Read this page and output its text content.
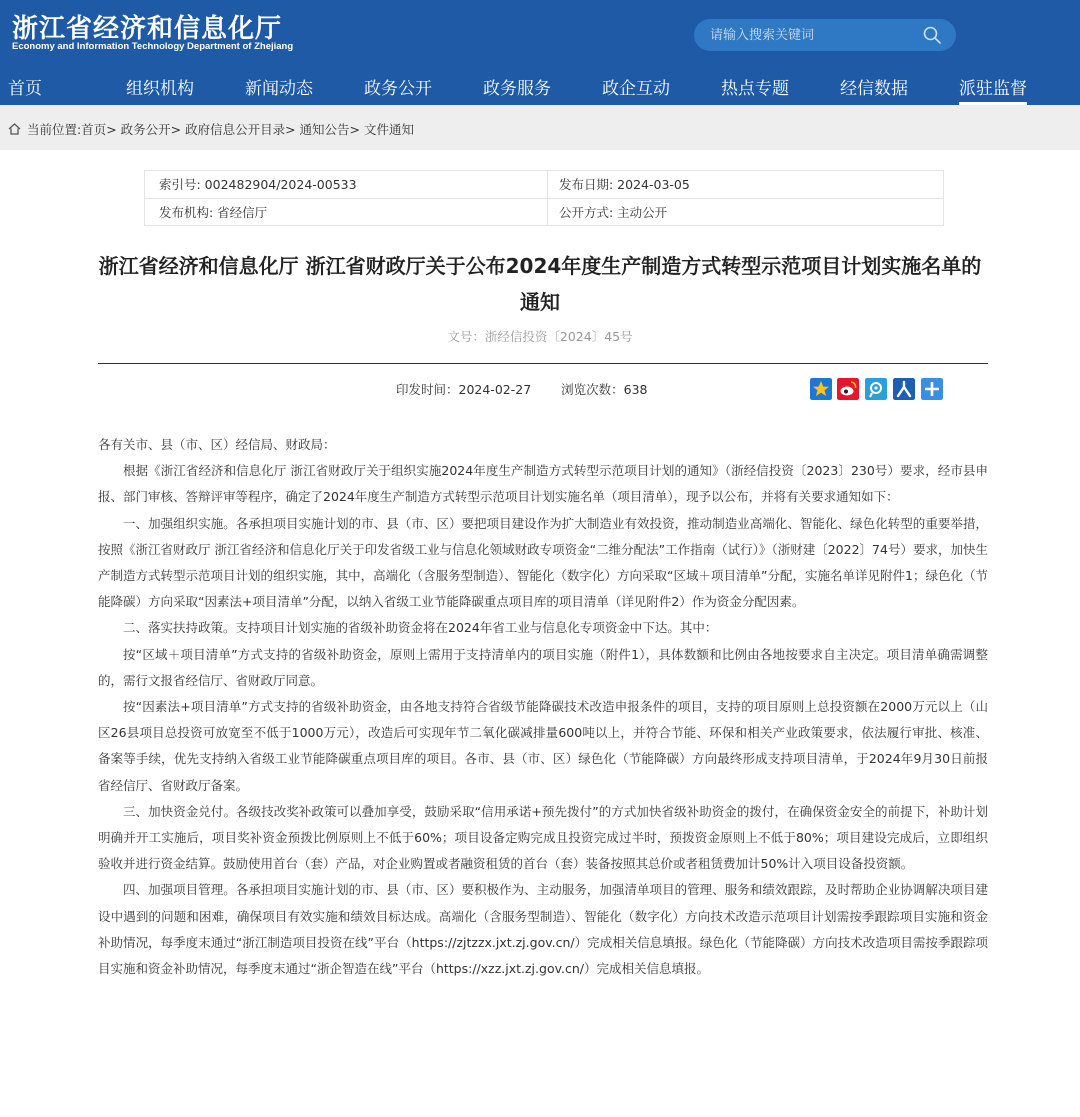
浙江省经济和信息化厅
Economy and Information Technology Department of Zhejiang
请输入搜索关键词
首页	组织机构	新闻动态	政务公开	政务服务	政企互动	热点专题	经信数据	派驻监督
当前位置:首页> 政务公开> 政府信息公开目录> 通知公告> 文件通知
索引号: 002482904/2024-00533	发布日期: 2024-03-05
发布机构: 省经信厅	公开方式: 主动公开
浙江省经济和信息化厅 浙江省财政厅关于公布2024年度生产制造方式转型示范项目计划实施名单的通知
文号：浙经信投资〔2024〕45号
印发时间：2024-02-27 浏览次数：638

各有关市、县（市、区）经信局、财政局：

根据《浙江省经济和信息化厅 浙江省财政厅关于组织实施2024年度生产制造方式转型示范项目计划的通知》（浙经信投资〔2023〕230号）要求，经市县申报、部门审核、答辩评审等程序，确定了2024年度生产制造方式转型示范项目计划实施名单（项目清单），现予以公布，并将有关要求通知如下：

一、加强组织实施。各承担项目实施计划的市、县（市、区）要把项目建设作为扩大制造业有效投资，推动制造业高端化、智能化、绿色化转型的重要举措，按照《浙江省财政厅 浙江省经济和信息化厅关于印发省级工业与信息化领域财政专项资金“二维分配法”工作指南（试行）》（浙财建〔2022〕74号）要求，加快生产制造方式转型示范项目计划的组织实施，其中，高端化（含服务型制造）、智能化（数字化）方向采取“区域＋项目清单”分配，实施名单详见附件1；绿色化（节能降碳）方向采取“因素法+项目清单”分配，以纳入省级工业节能降碳重点项目库的项目清单（详见附件2）作为资金分配因素。

二、落实扶持政策。支持项目计划实施的省级补助资金将在2024年省工业与信息化专项资金中下达。其中：

按“区域＋项目清单”方式支持的省级补助资金，原则上需用于支持清单内的项目实施（附件1），具体数额和比例由各地按要求自主决定。项目清单确需调整的，需行文报省经信厅、省财政厅同意。

按“因素法+项目清单”方式支持的省级补助资金，由各地支持符合省级节能降碳技术改造申报条件的项目，支持的项目原则上总投资额在2000万元以上（山区26县项目总投资可放宽至不低于1000万元），改造后可实现年节二氧化碳减排量600吨以上，并符合节能、环保和相关产业政策要求，依法履行审批、核准、备案等手续，优先支持纳入省级工业节能降碳重点项目库的项目。各市、县（市、区）绿色化（节能降碳）方向最终形成支持项目清单，于2024年9月30日前报省经信厅、省财政厅备案。

三、加快资金兑付。各级技改奖补政策可以叠加享受，鼓励采取“信用承诺+预先拨付”的方式加快省级补助资金的拨付，在确保资金安全的前提下，补助计划明确并开工实施后，项目奖补资金预拨比例原则上不低于60%；项目设备定购完成且投资完成过半时，预拨资金原则上不低于80%；项目建设完成后，立即组织验收并进行资金结算。鼓励使用首台（套）产品，对企业购置或者融资租赁的首台（套）装备按照其总价或者租赁费加计50%计入项目设备投资额。

四、加强项目管理。各承担项目实施计划的市、县（市、区）要积极作为、主动服务，加强清单项目的管理、服务和绩效跟踪，及时帮助企业协调解决项目建设中遇到的问题和困难，确保项目有效实施和绩效目标达成。高端化（含服务型制造）、智能化（数字化）方向技术改造示范项目计划需按季跟踪项目实施和资金补助情况，每季度末通过“浙江制造项目投资在线”平台（https://zjtzzx.jxt.zj.gov.cn/）完成相关信息填报。绿色化（节能降碳）方向技术改造项目需按季跟踪项目实施和资金补助情况，每季度末通过“浙企智造在线”平台（https://xzz.jxt.zj.gov.cn/）完成相关信息填报。
